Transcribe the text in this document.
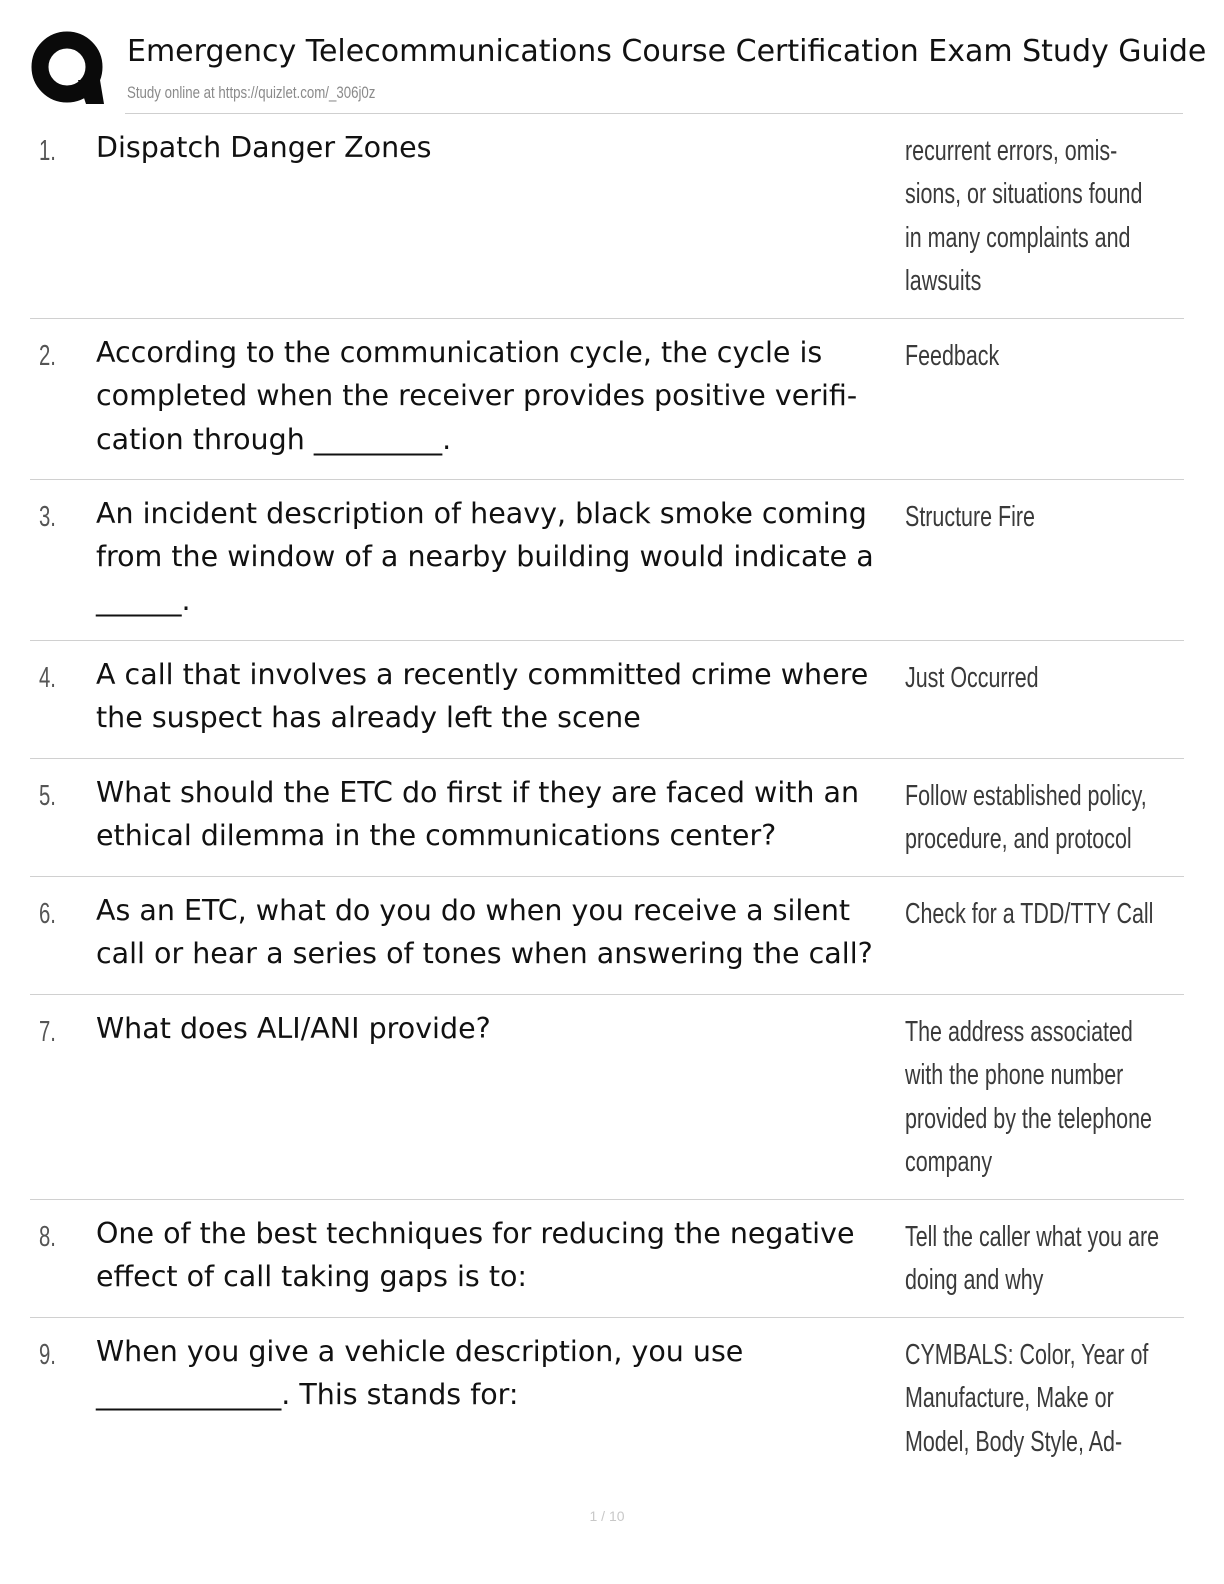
Emergency Telecommunications Course Certification Exam Study Guide
Study online at https://quizlet.com/_306j0z
1. Dispatch Danger Zones	recurrent errors, omis- sions, or situations found in many complaints and lawsuits
2. According to the communication cycle, the cycle is completed when the receiver provides positive verifi- cation through _________.
Feedback
3. An incident description of heavy, black smoke coming from the window of a nearby building would indicate a ______.
Structure Fire
4. A call that involves a recently committed crime where the suspect has already left the scene
Just Occurred
5. What should the ETC do first if they are faced with an ethical dilemma in the communications center?
Follow established policy, procedure, and protocol
6. As an ETC, what do you do when you receive a silent call or hear a series of tones when answering the call?
Check for a TDD/TTY Call
7. What does ALI/ANI provide?	The address associated with the phone number provided by the telephone company
8. One of the best techniques for reducing the negative effect of call taking gaps is to:
Tell the caller what you are doing and why
9. When you give a vehicle description, you use _____________. This stands for:
CYMBALS: Color, Year of Manufacture, Make or Model, Body Style, Ad-
1 / 10
